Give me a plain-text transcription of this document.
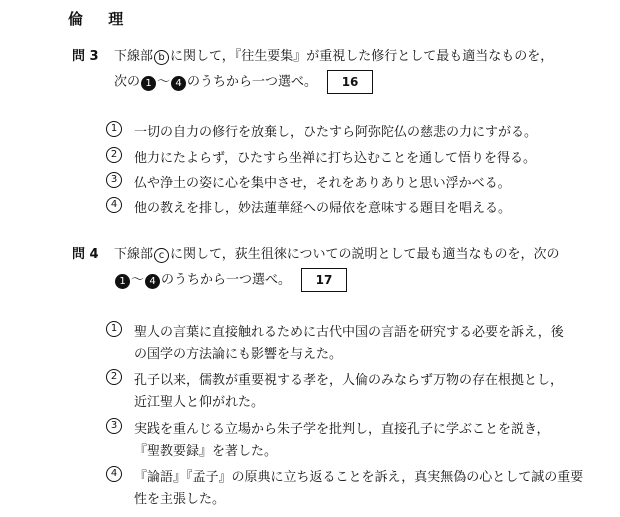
倫 理
問 3 下線部 b に関して，『往生要集』が重視した修行として最も適当なものを，
次の 1 〜 4 のうちから一つ選べ。 16
1	一切の自力の修行を放棄し，ひたすら阿弥陀仏の慈悲の力にすがる。
2	他力にたよらず，ひたすら坐禅に打ち込むことを通して悟りを得る。
3	仏や浄土の姿に心を集中させ，それをありありと思い浮かべる。
4	他の教えを排し，妙法蓮華経への帰依を意味する題目を唱える。
問 4 下線部 c に関して，荻生徂徠についての説明として最も適当なものを，次の
1 〜 4 のうちから一つ選べ。 17
1	聖人の言葉に直接触れるために古代中国の言語を研究する必要を訴え，後
の国学の方法論にも影響を与えた。
2	孔子以来，儒教が重要視する孝を，人倫のみならず万物の存在根拠とし，
近江聖人と仰がれた。
3	実践を重んじる立場から朱子学を批判し，直接孔子に学ぶことを説き，
『聖教要録』を著した。
4	『論語』『孟子』の原典に立ち返ることを訴え，真実無偽の心として誠の重要
性を主張した。
